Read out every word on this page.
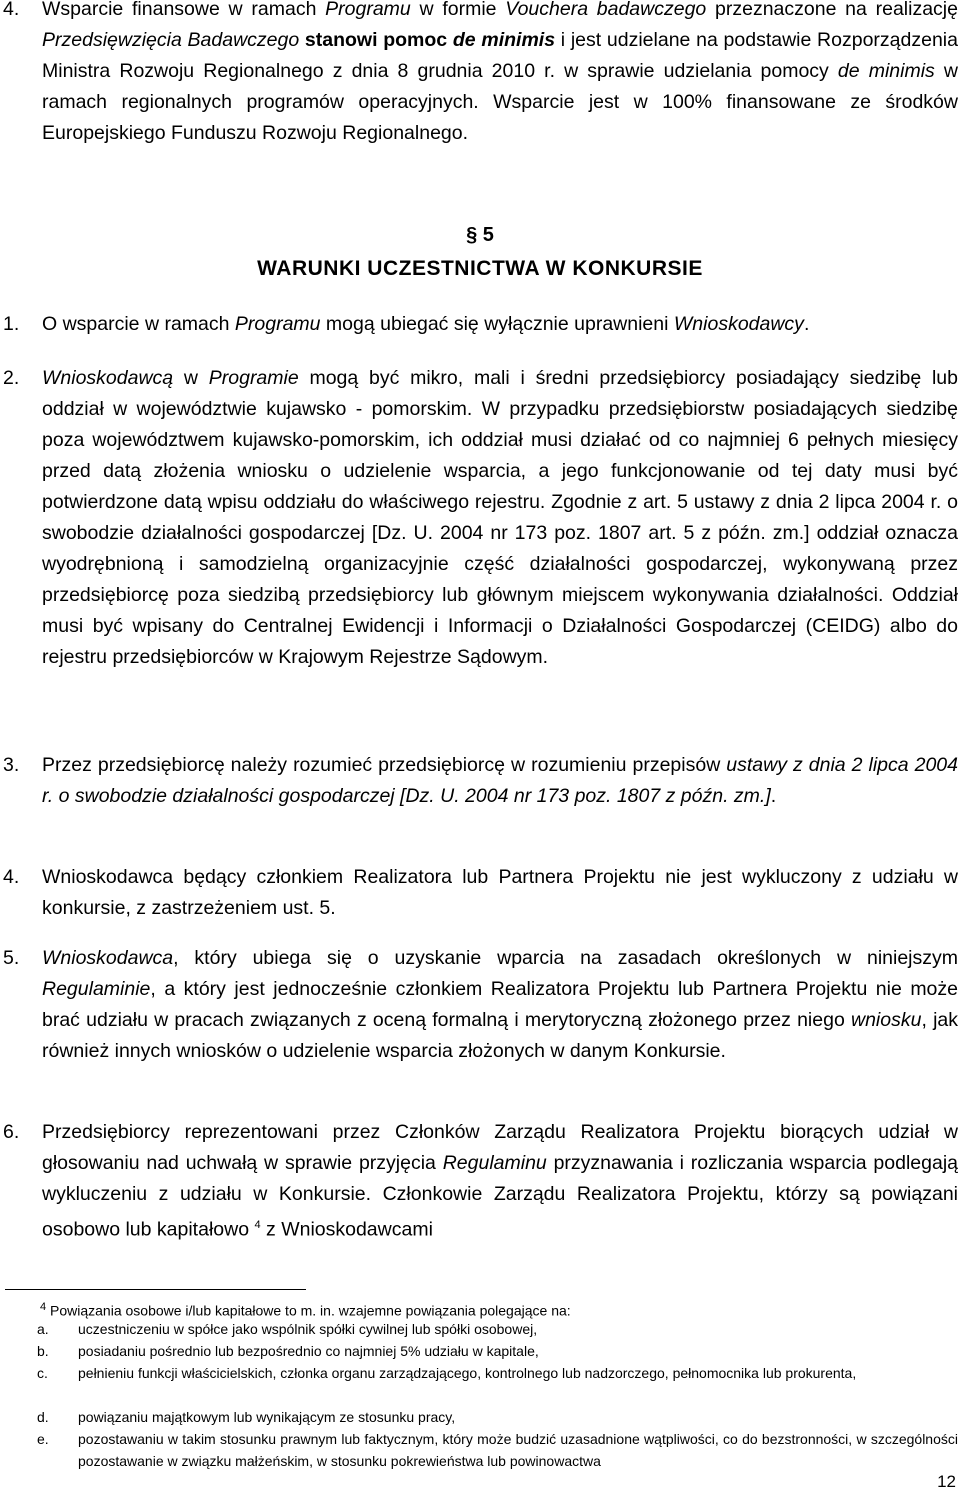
4. Wsparcie finansowe w ramach Programu w formie Vouchera badawczego przeznaczone na realizację Przedsięwzięcia Badawczego stanowi pomoc de minimis i jest udzielane na podstawie Rozporządzenia Ministra Rozwoju Regionalnego z dnia 8 grudnia 2010 r. w sprawie udzielania pomocy de minimis w ramach regionalnych programów operacyjnych. Wsparcie jest w 100% finansowane ze środków Europejskiego Funduszu Rozwoju Regionalnego.
§ 5
WARUNKI UCZESTNICTWA W KONKURSIE
1. O wsparcie w ramach Programu mogą ubiegać się wyłącznie uprawnieni Wnioskodawcy.
2. Wnioskodawcą w Programie mogą być mikro, mali i średni przedsiębiorcy posiadający siedzibę lub oddział w województwie kujawsko - pomorskim. W przypadku przedsiębiorstw posiadających siedzibę poza województwem kujawsko-pomorskim, ich oddział musi działać od co najmniej 6 pełnych miesięcy przed datą złożenia wniosku o udzielenie wsparcia, a jego funkcjonowanie od tej daty musi być potwierdzone datą wpisu oddziału do właściwego rejestru. Zgodnie z art. 5 ustawy z dnia 2 lipca 2004 r. o swobodzie działalności gospodarczej [Dz. U. 2004 nr 173 poz. 1807 art. 5 z późn. zm.] oddział oznacza wyodrębnioną i samodzielną organizacyjnie część działalności gospodarczej, wykonywaną przez przedsiębiorcę poza siedzibą przedsiębiorcy lub głównym miejscem wykonywania działalności. Oddział musi być wpisany do Centralnej Ewidencji i Informacji o Działalności Gospodarczej (CEIDG) albo do rejestru przedsiębiorców w Krajowym Rejestrze Sądowym.
3. Przez przedsiębiorcę należy rozumieć przedsiębiorcę w rozumieniu przepisów ustawy z dnia 2 lipca 2004 r. o swobodzie działalności gospodarczej [Dz. U. 2004 nr 173 poz. 1807 z późn. zm.].
4. Wnioskodawca będący członkiem Realizatora lub Partnera Projektu nie jest wykluczony z udziału w konkursie, z zastrzeżeniem ust. 5.
5. Wnioskodawca, który ubiega się o uzyskanie wparcia na zasadach określonych w niniejszym Regulaminie, a który jest jednocześnie członkiem Realizatora Projektu lub Partnera Projektu nie może brać udziału w pracach związanych z oceną formalną i merytoryczną złożonego przez niego wniosku, jak również innych wniosków o udzielenie wsparcia złożonych w danym Konkursie.
6. Przedsiębiorcy reprezentowani przez Członków Zarządu Realizatora Projektu biorących udział w głosowaniu nad uchwałą w sprawie przyjęcia Regulaminu przyznawania i rozliczania wsparcia podlegają wykluczeniu z udziału w Konkursie. Członkowie Zarządu Realizatora Projektu, którzy są powiązani osobowo lub kapitałowo $^4$ z Wnioskodawcami
$^4$ Powiązania osobowe i/lub kapitałowe to m. in. wzajemne powiązania polegające na:
a. uczestniczeniu w spółce jako wspólnik spółki cywilnej lub spółki osobowej,
b. posiadaniu pośrednio lub bezpośrednio co najmniej 5% udziału w kapitale,
c. pełnieniu funkcji właścicielskich, członka organu zarządzającego, kontrolnego lub nadzorczego, pełnomocnika lub prokurenta,
d. powiązaniu majątkowym lub wynikającym ze stosunku pracy,
e. pozostawaniu w takim stosunku prawnym lub faktycznym, który może budzić uzasadnione wątpliwości, co do bezstronności, w szczególności pozostawanie w związku małżeńskim, w stosunku pokrewieństwa lub powinowactwa
12
